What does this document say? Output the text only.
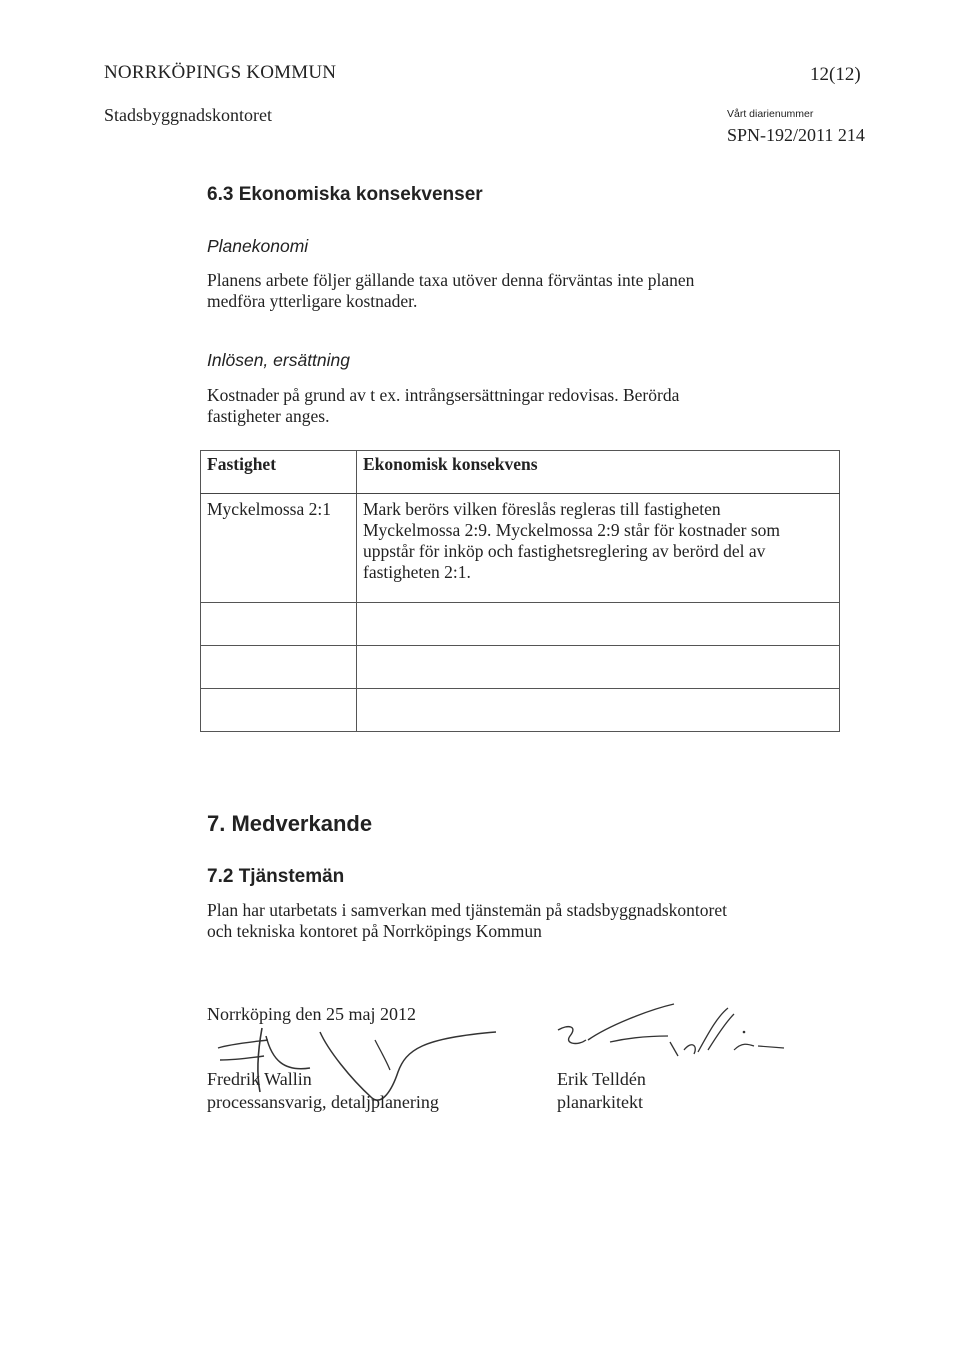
NORRKÖPINGS KOMMUN	12(12)
Stadsbyggnadskontoret	Vårt diarienummer
SPN-192/2011 214
6.3 Ekonomiska konsekvenser
Planekonomi
Planens arbete följer gällande taxa utöver denna förväntas inte planen
medföra ytterligare kostnader.
Inlösen, ersättning
Kostnader på grund av t ex. intrångsersättningar redovisas. Berörda
fastigheter anges.
Fastighet	Ekonomisk konsekvens

Myckelmossa 2:1	Mark berörs vilken föreslås regleras till fastigheten
Myckelmossa 2:9. Myckelmossa 2:9 står för kostnader som
uppstår för inköp och fastighetsreglering av berörd del av
fastigheten 2:1.

7. Medverkande
7.2 Tjänstemän
Plan har utarbetats i samverkan med tjänstemän på stadsbyggnadskontoret
och tekniska kontoret på Norrköpings Kommun
Norrköping den 25 maj 2012
Fredrik Wallin
processansvarig, detaljplanering
Erik Telldén
planarkitekt
